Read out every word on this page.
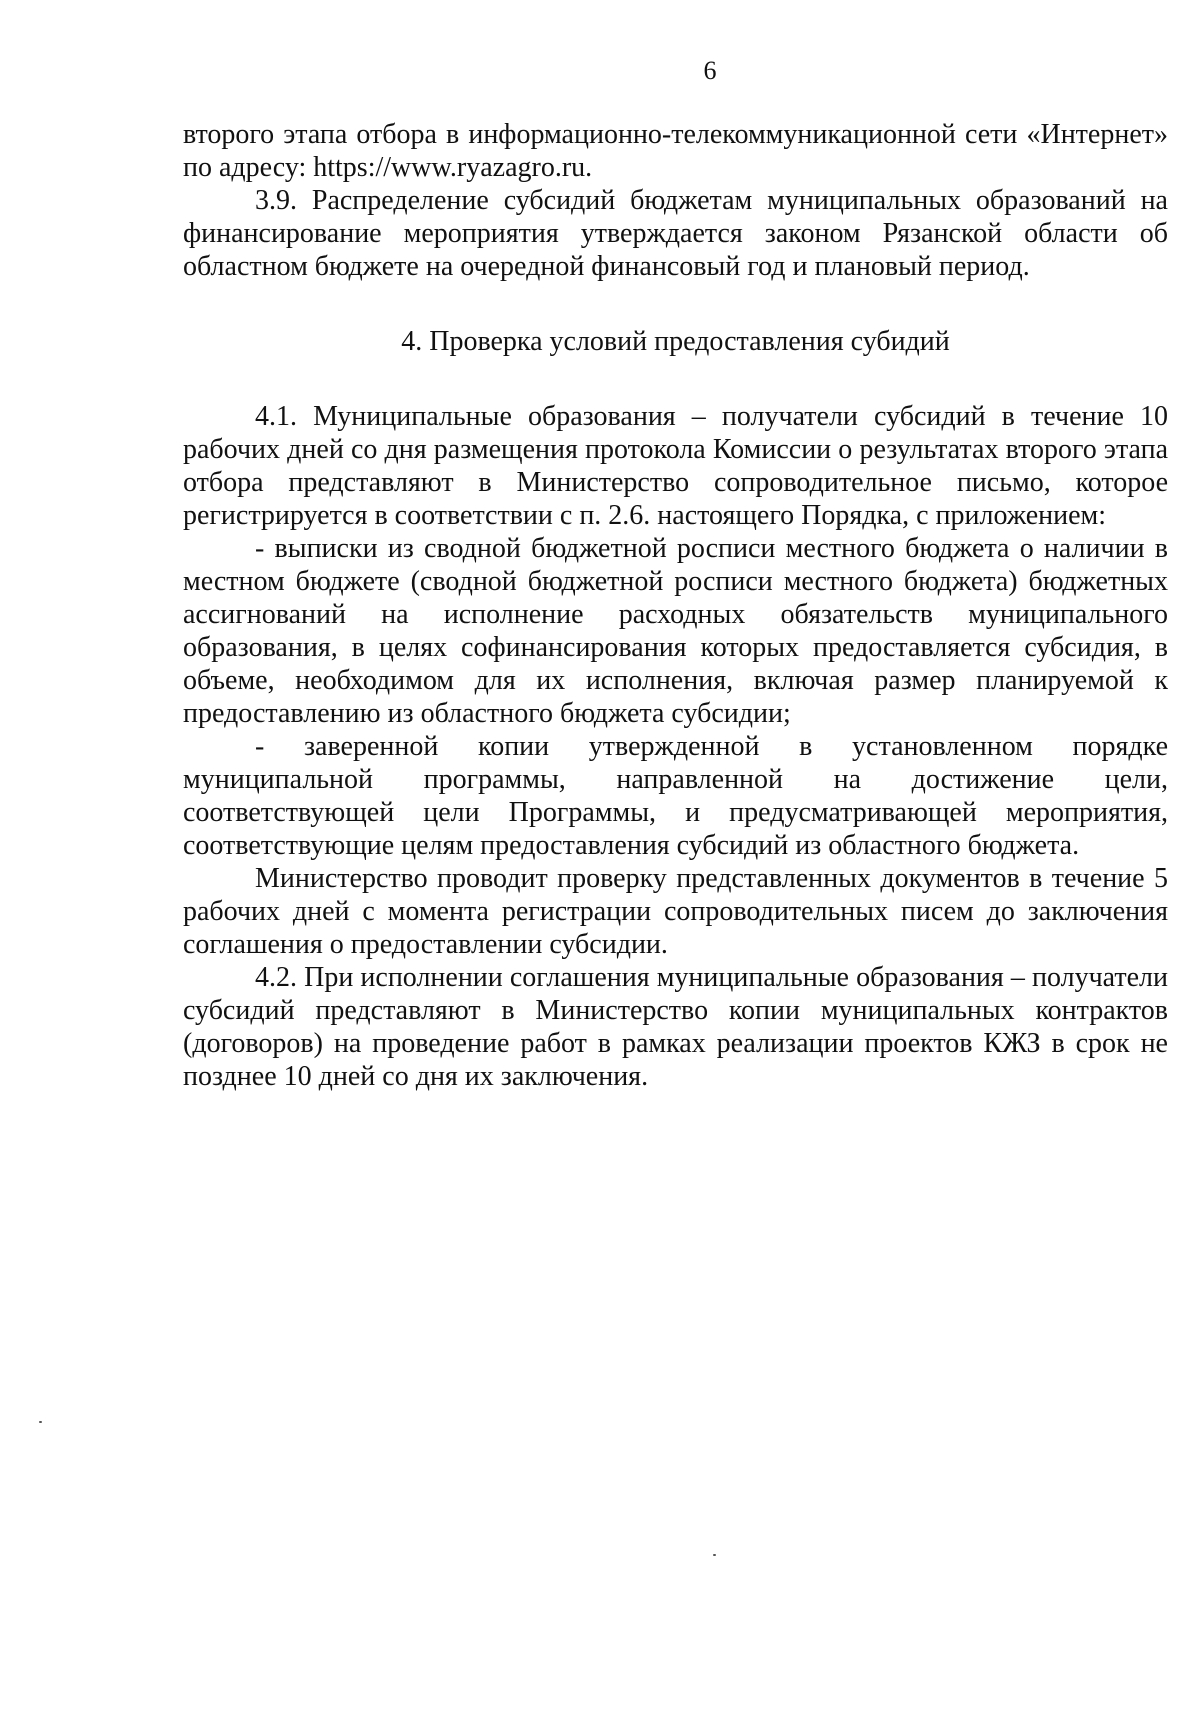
6

второго этапа отбора в информационно-телекоммуникационной сети «Интернет» по адресу: https://www.ryazagro.ru.

3.9. Распределение субсидий бюджетам муниципальных образований на финансирование мероприятия утверждается законом Рязанской области об областном бюджете на очередной финансовый год и плановый период.

4. Проверка условий предоставления субидий

4.1. Муниципальные образования – получатели субсидий в течение 10 рабочих дней со дня размещения протокола Комиссии о результатах второго этапа отбора представляют в Министерство сопроводительное письмо, которое регистрируется в соответствии с п. 2.6. настоящего Порядка, с приложением:

- выписки из сводной бюджетной росписи местного бюджета о наличии в местном бюджете (сводной бюджетной росписи местного бюджета) бюджетных ассигнований на исполнение расходных обязательств муниципального образования, в целях софинансирования которых предоставляется субсидия, в объеме, необходимом для их исполнения, включая размер планируемой к предоставлению из областного бюджета субсидии;

- заверенной копии утвержденной в установленном порядке муниципальной программы, направленной на достижение цели, соответствующей цели Программы, и предусматривающей мероприятия, соответствующие целям предоставления субсидий из областного бюджета.

Министерство проводит проверку представленных документов в течение 5 рабочих дней с момента регистрации сопроводительных писем до заключения соглашения о предоставлении субсидии.

4.2. При исполнении соглашения муниципальные образования – получатели субсидий представляют в Министерство копии муниципальных контрактов (договоров) на проведение работ в рамках реализации проектов КЖЗ в срок не позднее 10 дней со дня их заключения.
